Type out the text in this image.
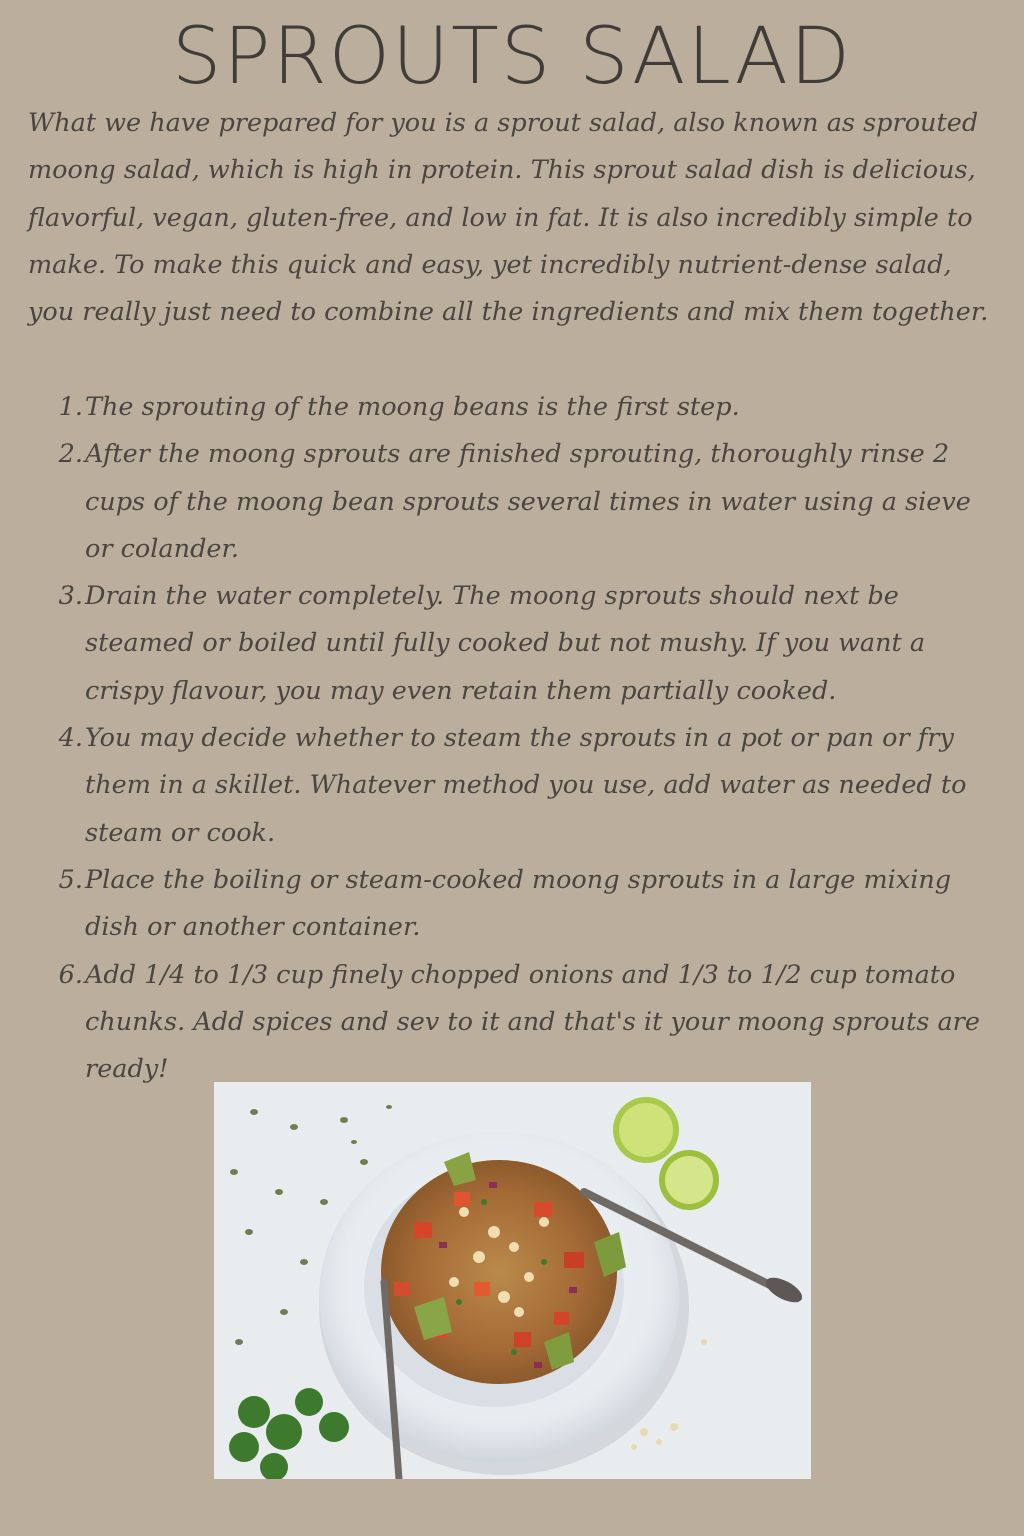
SPROUTS SALAD
What we have prepared for you is a sprout salad, also known as sprouted moong salad, which is high in protein. This sprout salad dish is delicious, flavorful, vegan, gluten-free, and low in fat. It is also incredibly simple to make. To make this quick and easy, yet incredibly nutrient-dense salad, you really just need to combine all the ingredients and mix them together.
1. The sprouting of the moong beans is the first step.
2. After the moong sprouts are finished sprouting, thoroughly rinse 2 cups of the moong bean sprouts several times in water using a sieve or colander.
3. Drain the water completely. The moong sprouts should next be steamed or boiled until fully cooked but not mushy. If you want a crispy flavour, you may even retain them partially cooked.
4. You may decide whether to steam the sprouts in a pot or pan or fry them in a skillet. Whatever method you use, add water as needed to steam or cook.
5. Place the boiling or steam-cooked moong sprouts in a large mixing dish or another container.
6. Add 1/4 to 1/3 cup finely chopped onions and 1/3 to 1/2 cup tomato chunks. Add spices and sev to it and that's it your moong sprouts are ready!
